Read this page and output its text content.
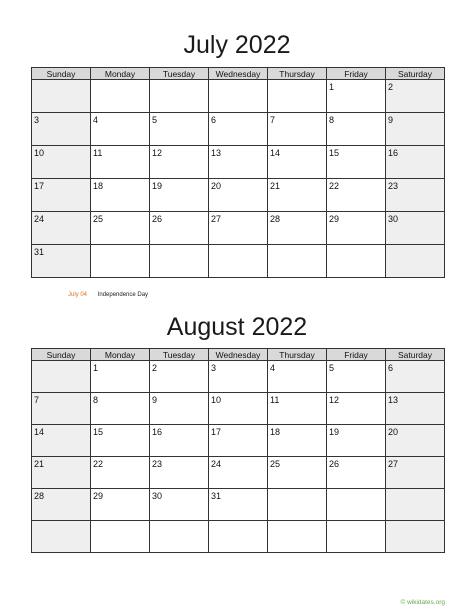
July 2022
Sunday	Monday	Tuesday	Wednesday	Thursday	Friday	Saturday

					1	2

3	4	5	6	7	8	9

10	11	12	13	14	15	16

17	18	19	20	21	22	23

24	25	26	27	28	29	30

31						

July 04 Independence Day
August 2022
Sunday	Monday	Tuesday	Wednesday	Thursday	Friday	Saturday

	1	2	3	4	5	6

7	8	9	10	11	12	13

14	15	16	17	18	19	20

21	22	23	24	25	26	27

28	29	30	31			

© wikidates.org
